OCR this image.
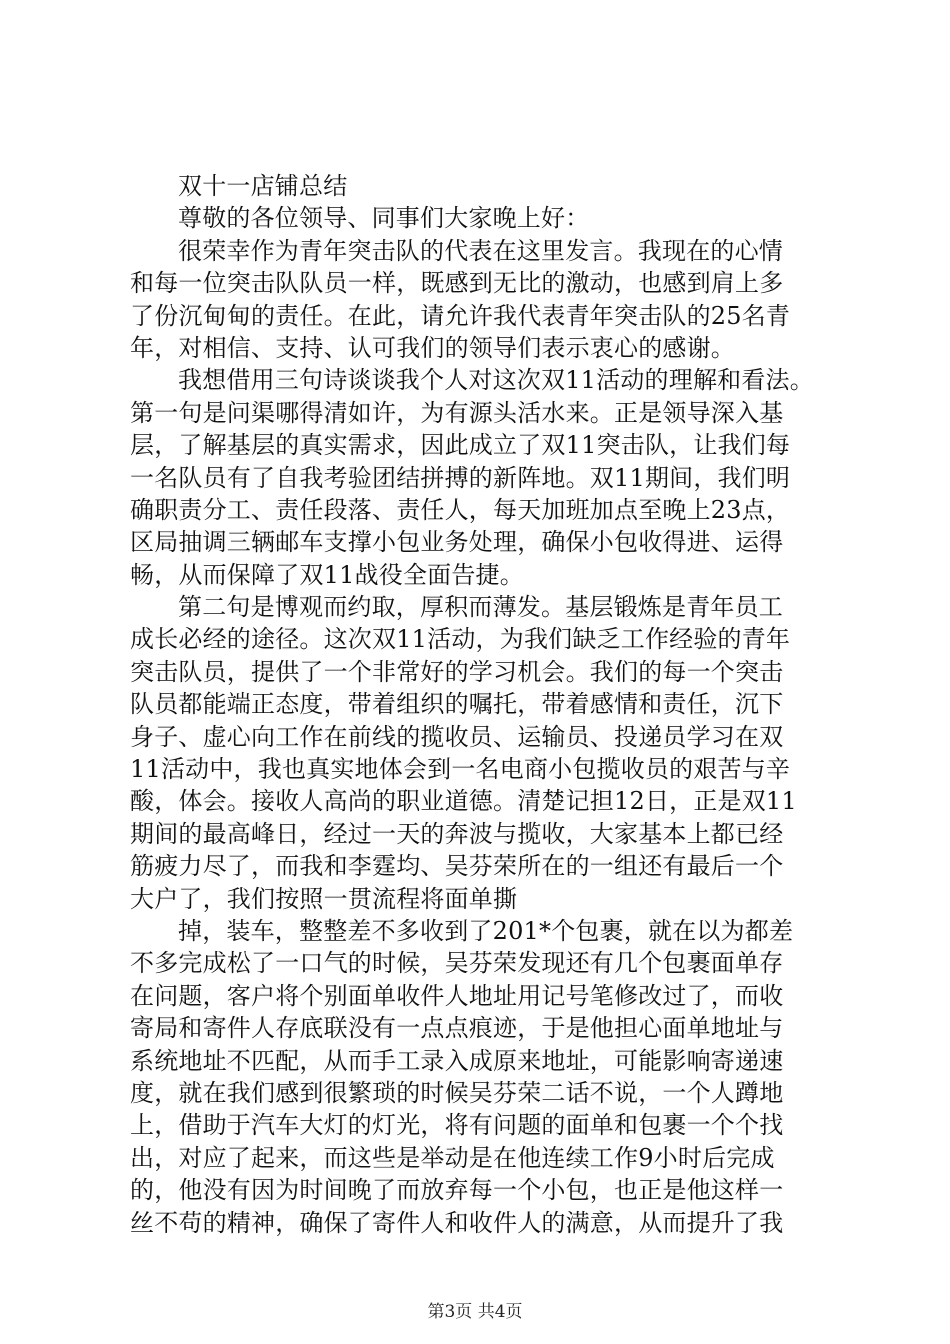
双十一店铺总结
尊敬的各位领导、同事们大家晚上好：
很荣幸作为青年突击队的代表在这里发言。我现在的心情
和每一位突击队队员一样，既感到无比的激动，也感到肩上多
了份沉甸甸的责任。在此，请允许我代表青年突击队的25名青
年，对相信、支持、认可我们的领导们表示衷心的感谢。
我想借用三句诗谈谈我个人对这次双11活动的理解和看法。
第一句是问渠哪得清如许，为有源头活水来。正是领导深入基
层，了解基层的真实需求，因此成立了双11突击队，让我们每
一名队员有了自我考验团结拼搏的新阵地。双11期间，我们明
确职责分工、责任段落、责任人，每天加班加点至晚上23点，
区局抽调三辆邮车支撑小包业务处理，确保小包收得进、运得
畅，从而保障了双11战役全面告捷。
第二句是博观而约取，厚积而薄发。基层锻炼是青年员工
成长必经的途径。这次双11活动，为我们缺乏工作经验的青年
突击队员，提供了一个非常好的学习机会。我们的每一个突击
队员都能端正态度，带着组织的嘱托，带着感情和责任，沉下
身子、虚心向工作在前线的揽收员、运输员、投递员学习在双
11活动中，我也真实地体会到一名电商小包揽收员的艰苦与辛
酸，体会。接收人高尚的职业道德。清楚记担12日，正是双11
期间的最高峰日，经过一天的奔波与揽收，大家基本上都已经
筋疲力尽了，而我和李霆均、吴芬荣所在的一组还有最后一个
大户了，我们按照一贯流程将面单撕
掉，装车，整整差不多收到了201*个包裹，就在以为都差
不多完成松了一口气的时候，吴芬荣发现还有几个包裹面单存
在问题，客户将个别面单收件人地址用记号笔修改过了，而收
寄局和寄件人存底联没有一点点痕迹，于是他担心面单地址与
系统地址不匹配，从而手工录入成原来地址，可能影响寄递速
度，就在我们感到很繁琐的时候吴芬荣二话不说，一个人蹲地
上，借助于汽车大灯的灯光，将有问题的面单和包裹一个个找
出，对应了起来，而这些是举动是在他连续工作9小时后完成
的，他没有因为时间晚了而放弃每一个小包，也正是他这样一
丝不苟的精神，确保了寄件人和收件人的满意，从而提升了我
第3页 共4页
